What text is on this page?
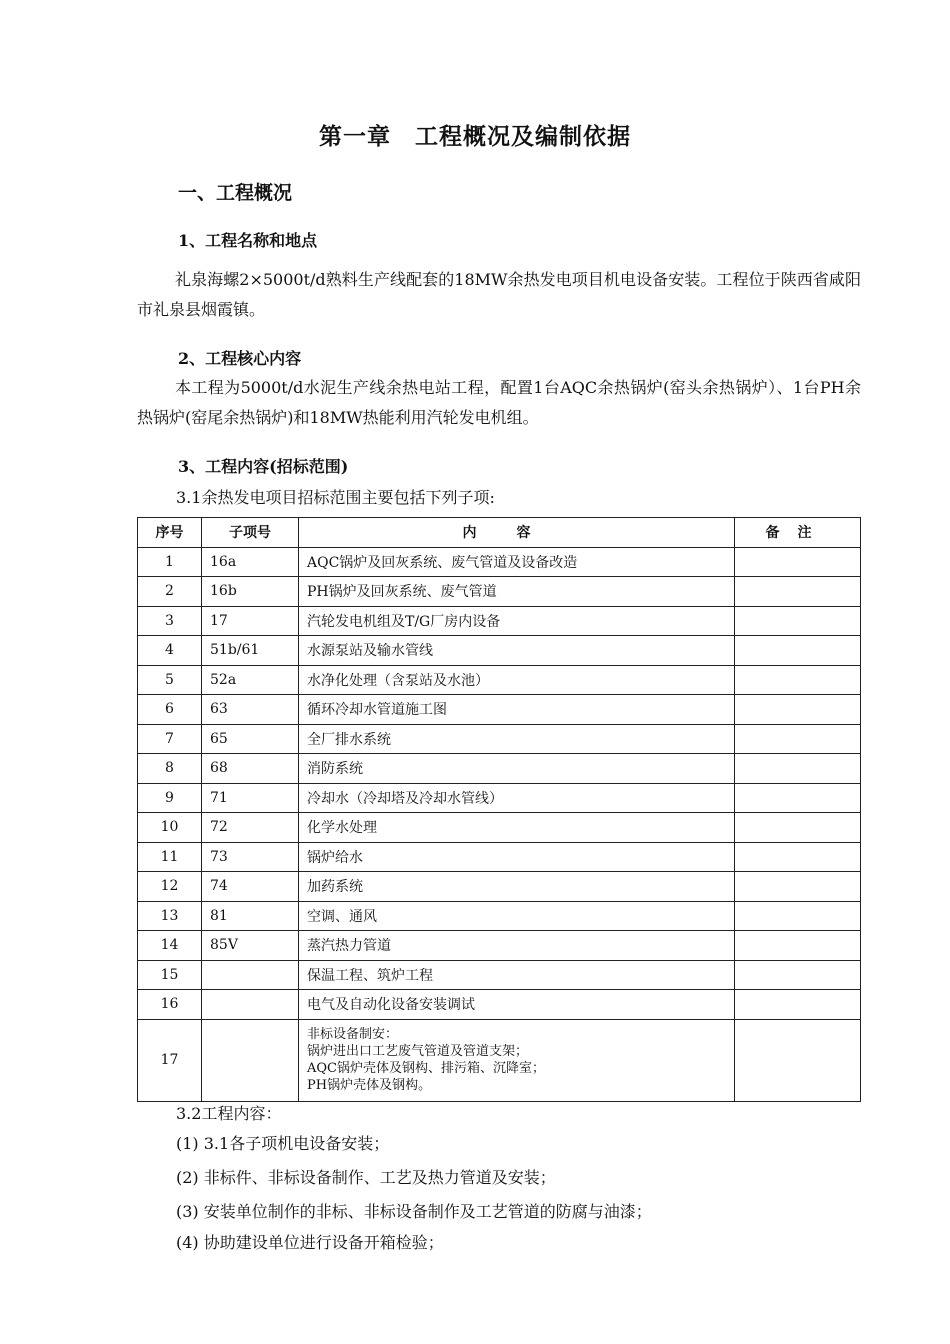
第一章　工程概况及编制依据
一、工程概况
1、工程名称和地点
礼泉海螺2×5000t/d熟料生产线配套的18MW余热发电项目机电设备安装。工程位于陕西省咸阳市礼泉县烟霞镇。
2、工程核心内容
本工程为5000t/d水泥生产线余热电站工程，配置1台AQC余热锅炉(窑头余热锅炉）、1台PH余热锅炉(窑尾余热锅炉)和18MW热能利用汽轮发电机组。
3、工程内容(招标范围)
3.1余热发电项目招标范围主要包括下列子项:
序号	子项号	内容	备注
1	16a	AQC锅炉及回灰系统、废气管道及设备改造	
2	16b	PH锅炉及回灰系统、废气管道	
3	17	汽轮发电机组及T/G厂房内设备	
4	51b/61	水源泵站及输水管线	
5	52a	水净化处理（含泵站及水池）	
6	63	循环冷却水管道施工图	
7	65	全厂排水系统	
8	68	消防系统	
9	71	冷却水（冷却塔及冷却水管线）	
10	72	化学水处理	
11	73	锅炉给水	
12	74	加药系统	
13	81	空调、通风	
14	85V	蒸汽热力管道	
15		保温工程、筑炉工程	
16		电气及自动化设备安装调试	
17		非标设备制安：
锅炉进出口工艺废气管道及管道支架；
AQC锅炉壳体及钢构、排污箱、沉降室；
PH锅炉壳体及钢构。	

3.2工程内容：
(1) 3.1各子项机电设备安装；
(2) 非标件、非标设备制作、工艺及热力管道及安装；
(3) 安装单位制作的非标、非标设备制作及工艺管道的防腐与油漆；
(4) 协助建设单位进行设备开箱检验；
